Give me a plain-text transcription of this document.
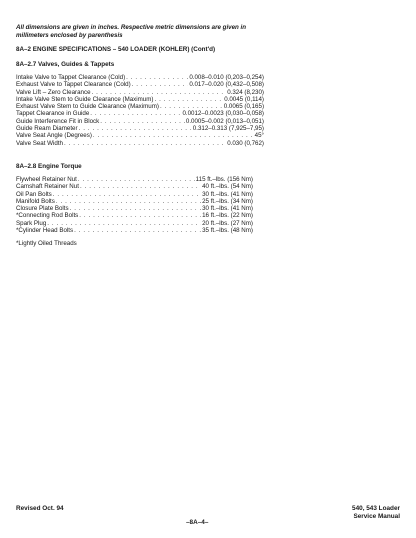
All dimensions are given in inches. Respective metric dimensions are given in millimeters enclosed by parenthesis

8A–2 ENGINE SPECIFICATIONS – 540 LOADER (KOHLER) (Cont'd)

8A–2.7 Valves, Guides & Tappets

Intake Valve to Tappet Clearance (Cold) . . .	0.008–0.010 (0,203–0,254)
Exhaust Valve to Tappet Clearance (Cold) . . .	0.017–0.020 (0,432–0,508)
Valve Lift – Zero Clearance . . .	0.324 (8,230)
Intake Valve Stem to Guide Clearance (Maximum) . . .	0.0045 (0,114)
Exhaust Valve Stem to Guide Clearance (Maximum) . . .	0.0065 (0,165)
Tappet Clearance in Guide . . .	0.0012–0.0023 (0,030–0,058)
Guide Interference Fit in Block . . .	0.0005–0.002 (0,013–0,051)
Guide Ream Diameter . . .	0.312–0.313 (7,925–7,95)
Valve Seat Angle (Degrees) . . .	45°
Valve Seat Width . . .	0.030 (0,762)

8A–2.8 Engine Torque

Flywheel Retainer Nut . . .	115 ft.–lbs. (156 Nm)
Camshaft Retainer Nut . . .	40 ft.–lbs. (54 Nm)
Oil Pan Bolts . . .	30 ft.–lbs. (41 Nm)
Manifold Bolts . . .	25 ft.–lbs. (34 Nm)
Closure Plate Bolts . . .	30 ft.–lbs. (41 Nm)
*Connecting Rod Bolts . . .	16 ft.–lbs. (22 Nm)
Spark Plug . . .	20 ft.–lbs. (27 Nm)
*Cylinder Head Bolts . . .	35 ft.–lbs. (48 Nm)

*Lightly Oiled Threads

Revised Oct. 94
–8A–4–
540, 543 Loader
Service Manual
